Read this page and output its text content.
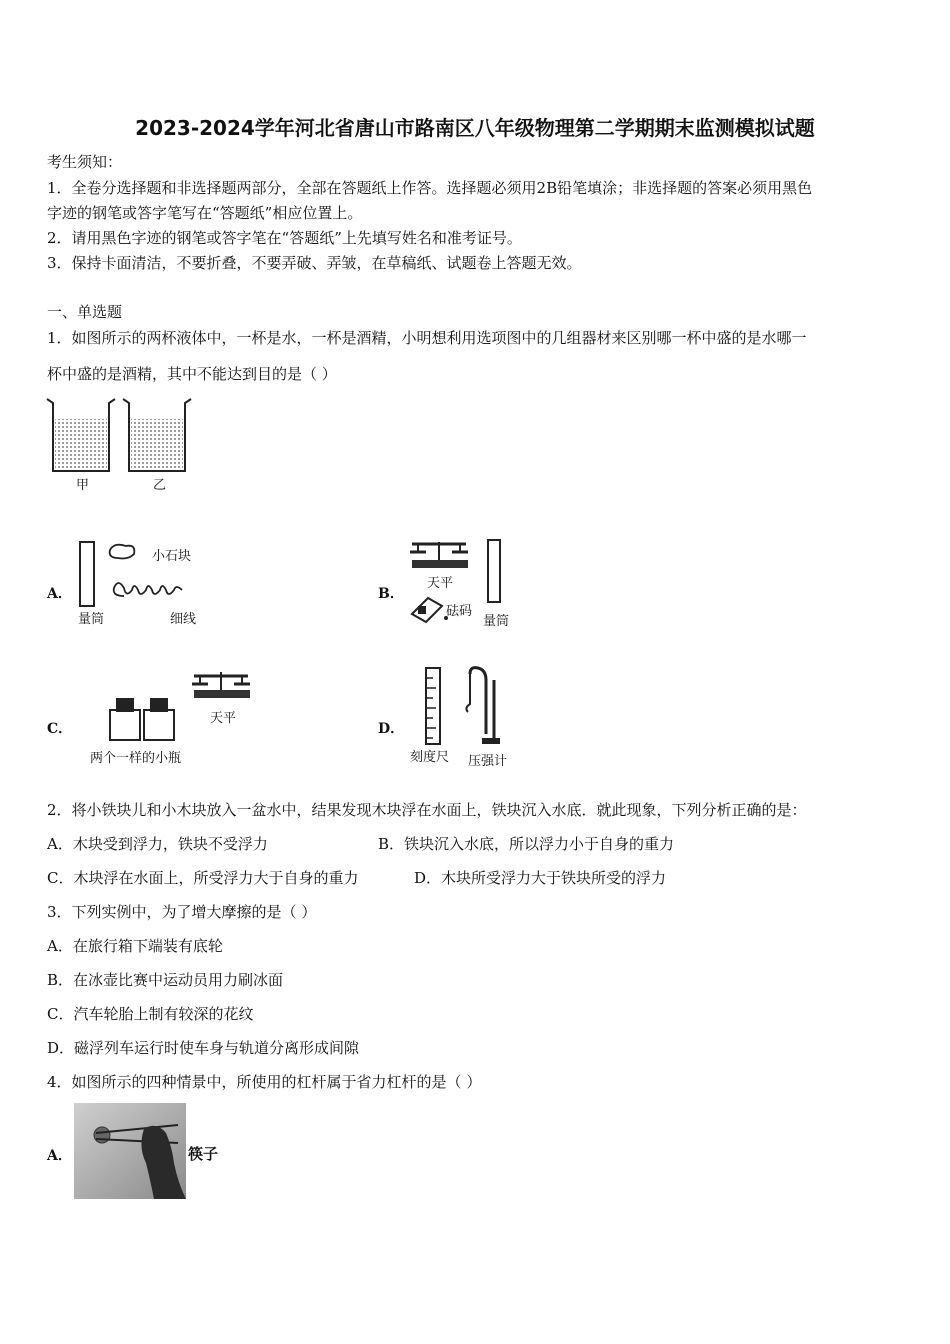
2023-2024学年河北省唐山市路南区八年级物理第二学期期末监测模拟试题
考生须知：
1．全卷分选择题和非选择题两部分，全部在答题纸上作答。选择题必须用2B铅笔填涂；非选择题的答案必须用黑色
字迹的钢笔或答字笔写在“答题纸”相应位置上。
2．请用黑色字迹的钢笔或答字笔在“答题纸”上先填写姓名和准考证号。
3．保持卡面清洁，不要折叠，不要弄破、弄皱，在草稿纸、试题卷上答题无效。
一、单选题
1．如图所示的两杯液体中，一杯是水，一杯是酒精，小明想利用选项图中的几组器材来区别哪一杯中盛的是水哪一
杯中盛的是酒精，其中不能达到目的是（ ）
甲	乙
A．
小石块
量筒	细线
B．
天平
砝码
量筒
C．
天平
两个一样的小瓶
D．
刻度尺 压强计
2．将小铁块儿和小木块放入一盆水中，结果发现木块浮在水面上，铁块沉入水底．就此现象，下列分析正确的是：
A．木块受到浮力，铁块不受浮力	B．铁块沉入水底，所以浮力小于自身的重力
C．木块浮在水面上，所受浮力大于自身的重力	D．木块所受浮力大于铁块所受的浮力
3．下列实例中，为了增大摩擦的是（ ）
A．在旅行箱下端装有底轮
B．在冰壶比赛中运动员用力刷冰面
C．汽车轮胎上制有较深的花纹
D．磁浮列车运行时使车身与轨道分离形成间隙
4．如图所示的四种情景中，所使用的杠杆属于省力杠杆的是（ ）
A．	筷子
